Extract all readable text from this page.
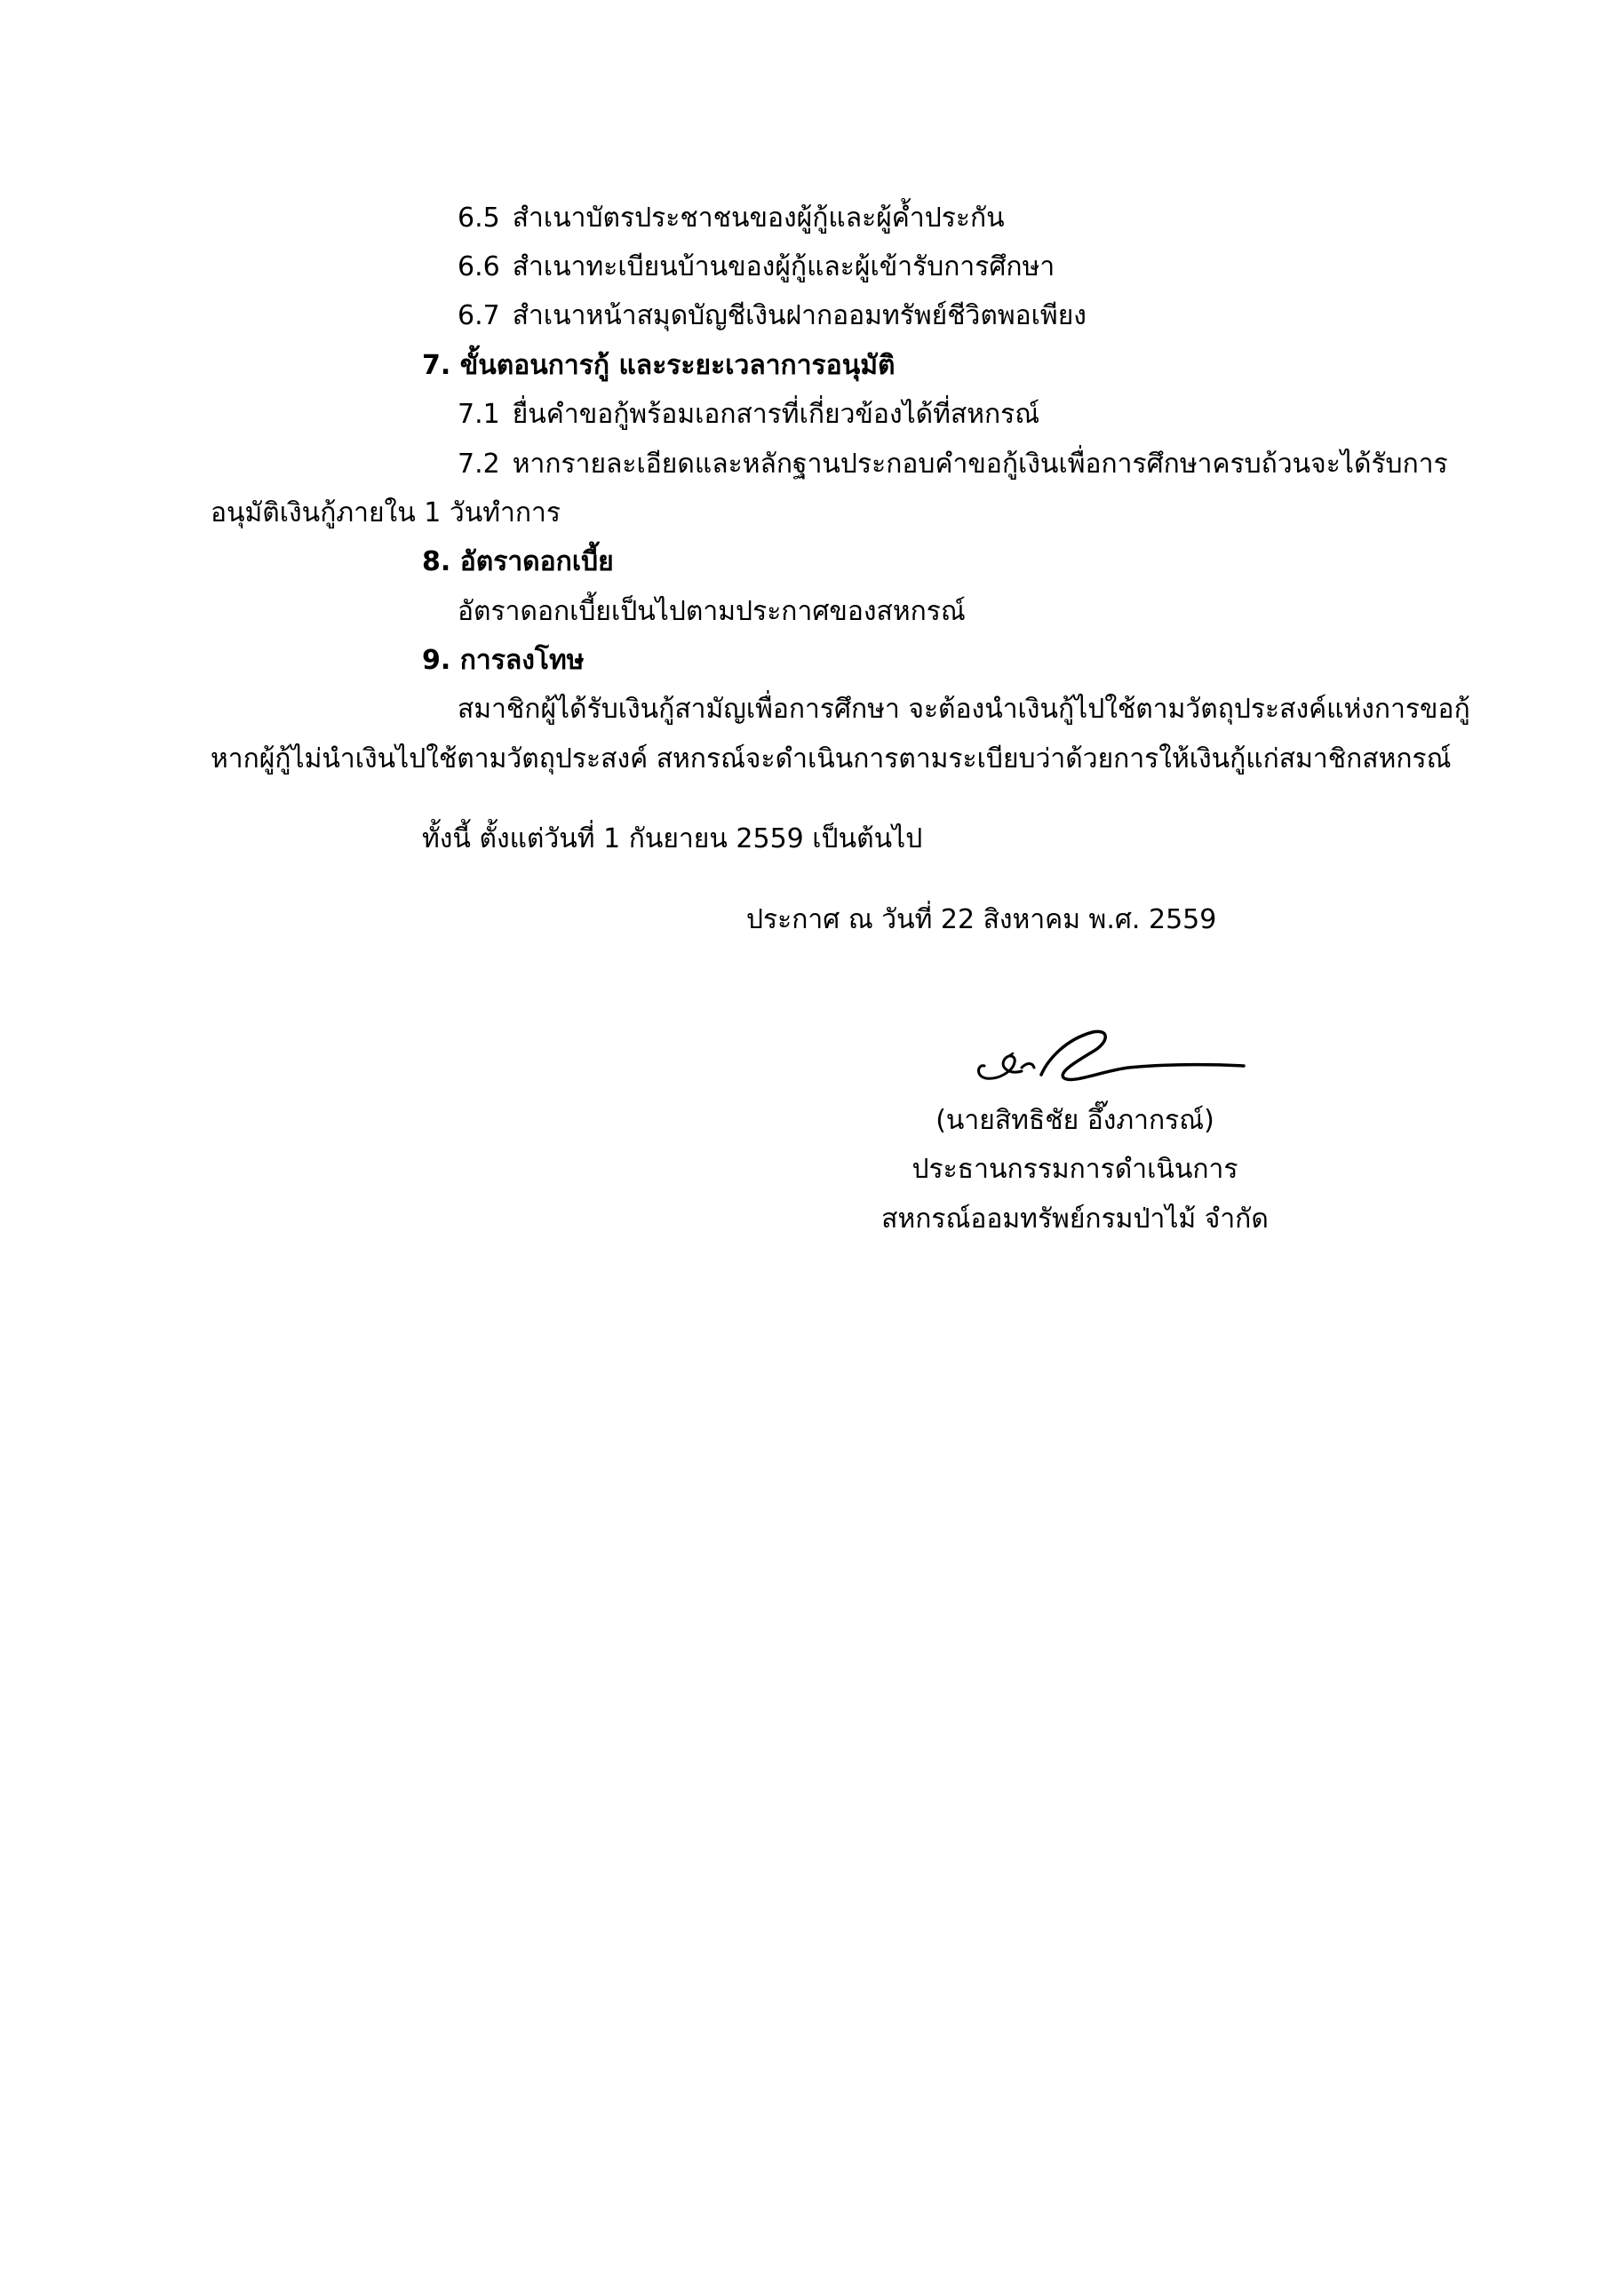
6.5 สำเนาบัตรประชาชนของผู้กู้และผู้ค้ำประกัน
6.6 สำเนาทะเบียนบ้านของผู้กู้และผู้เข้ารับการศึกษา
6.7 สำเนาหน้าสมุดบัญชีเงินฝากออมทรัพย์ชีวิตพอเพียง
7. ขั้นตอนการกู้ และระยะเวลาการอนุมัติ
7.1 ยื่นคำขอกู้พร้อมเอกสารที่เกี่ยวข้องได้ที่สหกรณ์
7.2 หากรายละเอียดและหลักฐานประกอบคำขอกู้เงินเพื่อการศึกษาครบถ้วนจะได้รับการ
อนุมัติเงินกู้ภายใน 1 วันทำการ
8. อัตราดอกเบี้ย
อัตราดอกเบี้ยเป็นไปตามประกาศของสหกรณ์
9. การลงโทษ
สมาชิกผู้ได้รับเงินกู้สามัญเพื่อการศึกษา จะต้องนำเงินกู้ไปใช้ตามวัตถุประสงค์แห่งการขอกู้
หากผู้กู้ไม่นำเงินไปใช้ตามวัตถุประสงค์ สหกรณ์จะดำเนินการตามระเบียบว่าด้วยการให้เงินกู้แก่สมาชิกสหกรณ์
ทั้งนี้ ตั้งแต่วันที่ 1 กันยายน 2559 เป็นต้นไป
ประกาศ ณ วันที่ 22 สิงหาคม พ.ศ. 2559
(นายสิทธิชัย อึ๊งภากรณ์)
ประธานกรรมการดำเนินการ
สหกรณ์ออมทรัพย์กรมป่าไม้ จำกัด
